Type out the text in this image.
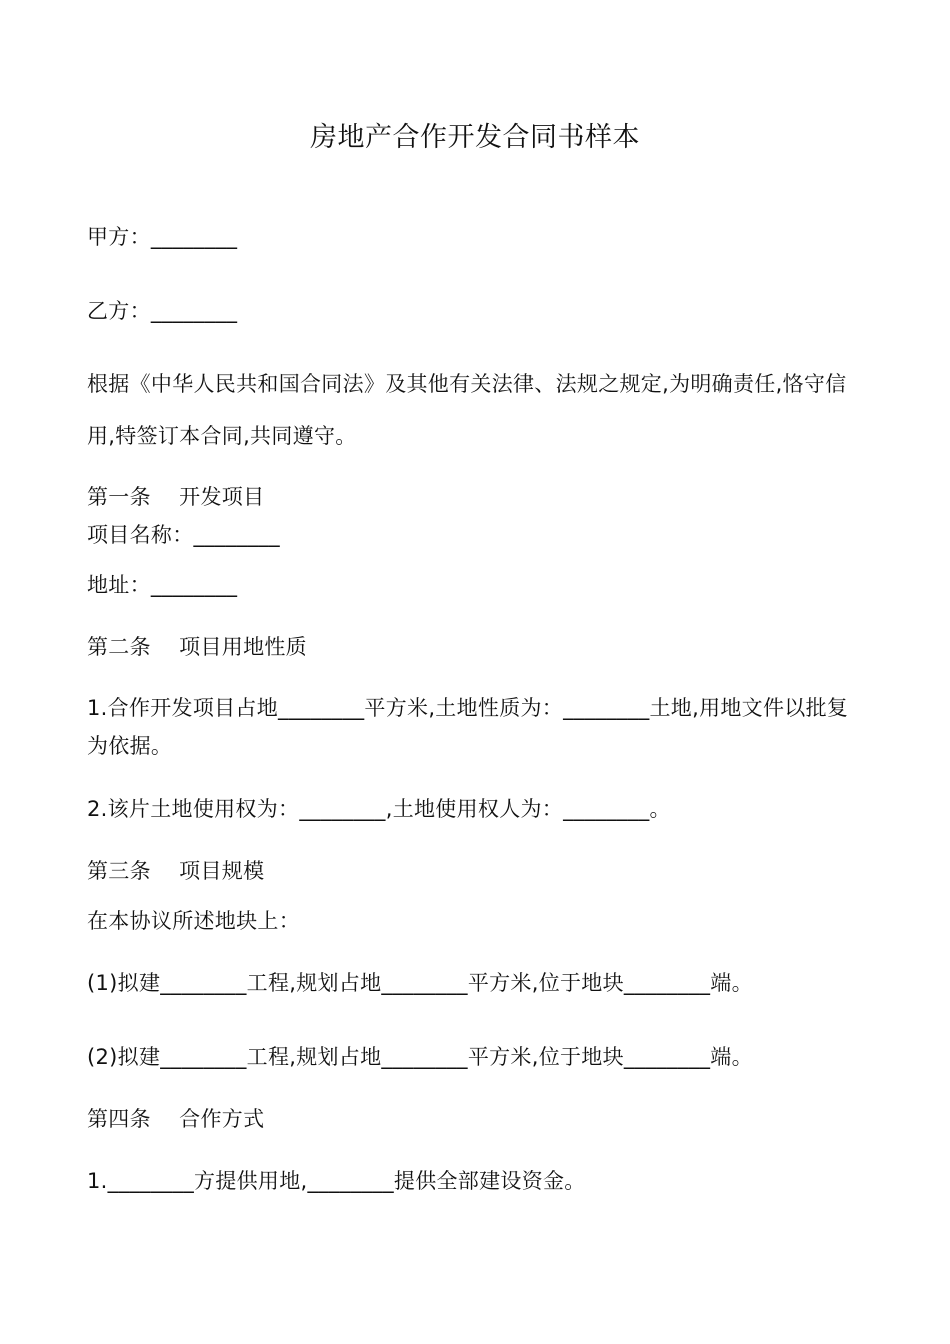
房地产合作开发合同书样本
甲方：________
乙方：________
根据《中华人民共和国合同法》及其他有关法律、法规之规定,为明确责任,恪守信用,特签订本合同,共同遵守。
第一条　 开发项目
项目名称：________
地址：________
第二条　 项目用地性质
1.合作开发项目占地________平方米,土地性质为：________土地,用地文件以批复为依据。
2.该片土地使用权为：________,土地使用权人为：________。
第三条　 项目规模
在本协议所述地块上：
(1)拟建________工程,规划占地________平方米,位于地块________端。
(2)拟建________工程,规划占地________平方米,位于地块________端。
第四条　 合作方式
1.________方提供用地,________提供全部建设资金。
